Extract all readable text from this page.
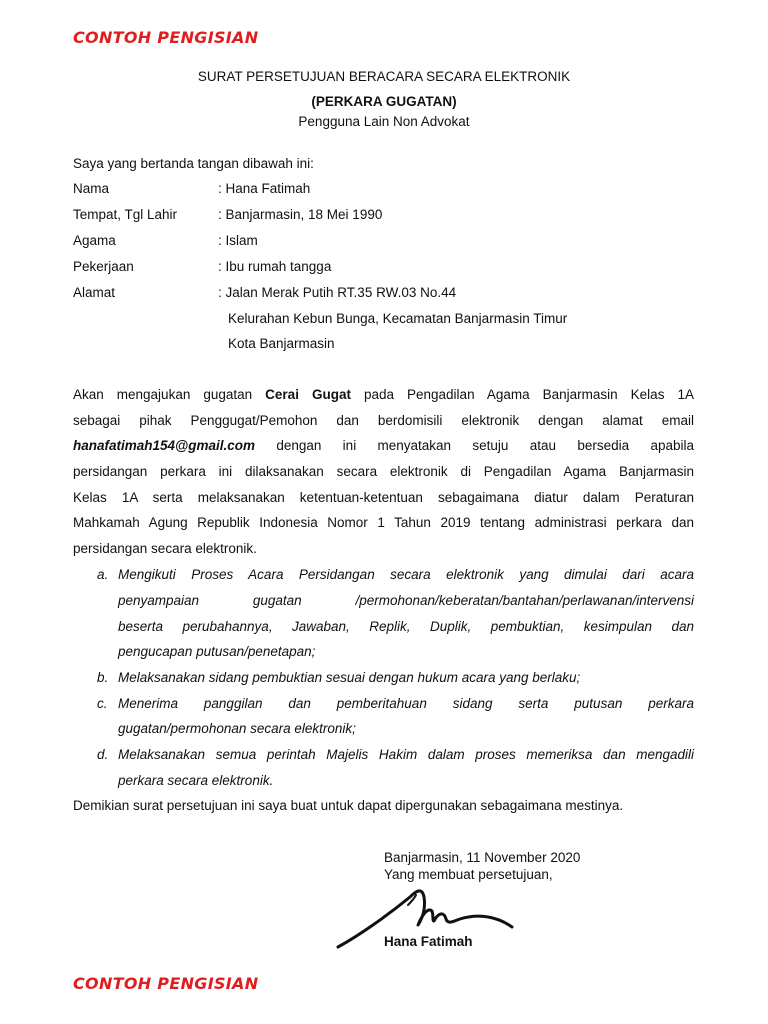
CONTOH PENGISIAN
SURAT PERSETUJUAN BERACARA SECARA ELEKTRONIK
(PERKARA GUGATAN)
Pengguna Lain Non Advokat
Saya yang bertanda tangan dibawah ini:
Nama	: Hana Fatimah
Tempat, Tgl Lahir	: Banjarmasin, 18 Mei 1990
Agama	: Islam
Pekerjaan	: Ibu rumah tangga
Alamat	: Jalan Merak Putih RT.35 RW.03 No.44
Kelurahan Kebun Bunga, Kecamatan Banjarmasin Timur
Kota Banjarmasin
Akan mengajukan gugatan Cerai Gugat pada Pengadilan Agama Banjarmasin Kelas 1A
sebagai pihak Penggugat/Pemohon dan berdomisili elektronik dengan alamat email
hanafatimah154@gmail.com dengan ini menyatakan setuju atau bersedia apabila
persidangan perkara ini dilaksanakan secara elektronik di Pengadilan Agama Banjarmasin
Kelas 1A serta melaksanakan ketentuan-ketentuan sebagaimana diatur dalam Peraturan
Mahkamah Agung Republik Indonesia Nomor 1 Tahun 2019 tentang administrasi perkara dan
persidangan secara elektronik.
a. Mengikuti Proses Acara Persidangan secara elektronik yang dimulai dari acara
penyampaian gugatan /permohonan/keberatan/bantahan/perlawanan/intervensi
beserta perubahannya, Jawaban, Replik, Duplik, pembuktian, kesimpulan dan
pengucapan putusan/penetapan;
b. Melaksanakan sidang pembuktian sesuai dengan hukum acara yang berlaku;
c. Menerima panggilan dan pemberitahuan sidang serta putusan perkara
gugatan/permohonan secara elektronik;
d. Melaksanakan semua perintah Majelis Hakim dalam proses memeriksa dan mengadili
perkara secara elektronik.
Demikian surat persetujuan ini saya buat untuk dapat dipergunakan sebagaimana mestinya.
Banjarmasin, 11 November 2020
Yang membuat persetujuan,
Hana Fatimah
CONTOH PENGISIAN
